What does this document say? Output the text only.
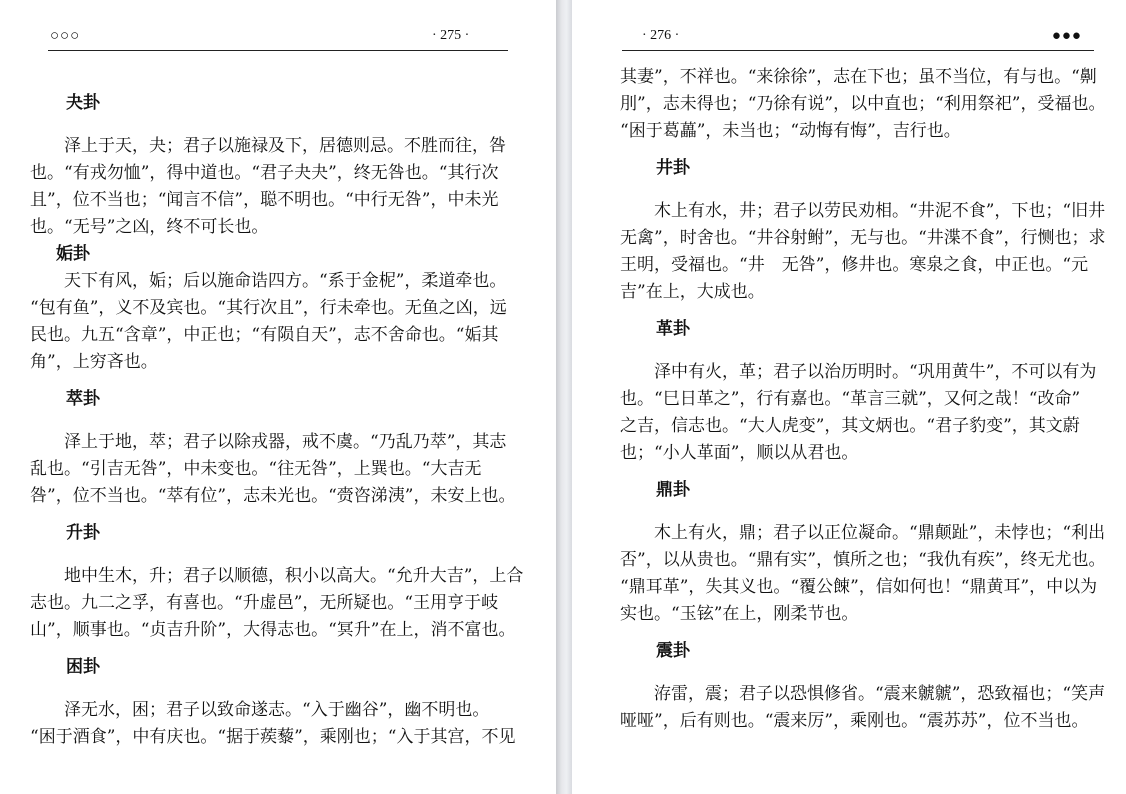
○○○	· 275 ·

夬卦

泽上于天，夬；君子以施禄及下，居德则忌。不胜而往，咎

也。“有戎勿恤”，得中道也。“君子夬夬”，终无咎也。“其行次
且”，位不当也；“闻言不信”，聪不明也。“中行无咎”，中未光
也。“无号”之凶，终不可长也。

姤卦

天下有风，姤；后以施命诰四方。“系于金柅”，柔道牵也。

“包有鱼”，义不及宾也。“其行次且”，行未牵也。无鱼之凶，远
民也。九五“含章”，中正也；“有陨自天”，志不舍命也。“姤其
角”，上穷吝也。

萃卦

泽上于地，萃；君子以除戎器，戒不虞。“乃乱乃萃”，其志

乱也。“引吉无咎”，中未变也。“往无咎”，上巽也。“大吉无
咎”，位不当也。“萃有位”，志未光也。“赍咨涕洟”，未安上也。

升卦

地中生木，升；君子以顺德，积小以高大。“允升大吉”，上合

志也。九二之孚，有喜也。“升虚邑”，无所疑也。“王用亨于岐
山”，顺事也。“贞吉升阶”，大得志也。“冥升”在上，消不富也。

困卦

泽无水，困；君子以致命遂志。“入于幽谷”，幽不明也。

“困于酒食”，中有庆也。“据于蒺藜”，乘刚也；“入于其宫，不见

· 276 ·	●●●

其妻”，不祥也。“来徐徐”，志在下也；虽不当位，有与也。“劓
刖”，志未得也；“乃徐有说”，以中直也；“利用祭祀”，受福也。
“困于葛藟”，未当也；“动悔有悔”，吉行也。

井卦

木上有水，井；君子以劳民劝相。“井泥不食”，下也；“旧井

无禽”，时舍也。“井谷射鲋”，无与也。“井渫不食”，行恻也；求
王明，受福也。“井　无咎”，修井也。寒泉之食，中正也。“元
吉”在上，大成也。

革卦

泽中有火，革；君子以治历明时。“巩用黄牛”，不可以有为

也。“巳日革之”，行有嘉也。“革言三就”，又何之哉！“改命”
之吉，信志也。“大人虎变”，其文炳也。“君子豹变”，其文蔚
也；“小人革面”，顺以从君也。

鼎卦

木上有火，鼎；君子以正位凝命。“鼎颠趾”，未悖也；“利出

否”，以从贵也。“鼎有实”，慎所之也；“我仇有疾”，终无尤也。
“鼎耳革”，失其义也。“覆公餗”，信如何也！“鼎黄耳”，中以为
实也。“玉铉”在上，刚柔节也。

震卦

洊雷，震；君子以恐惧修省。“震来虩虩”，恐致福也；“笑声

哑哑”，后有则也。“震来厉”，乘刚也。“震苏苏”，位不当也。
